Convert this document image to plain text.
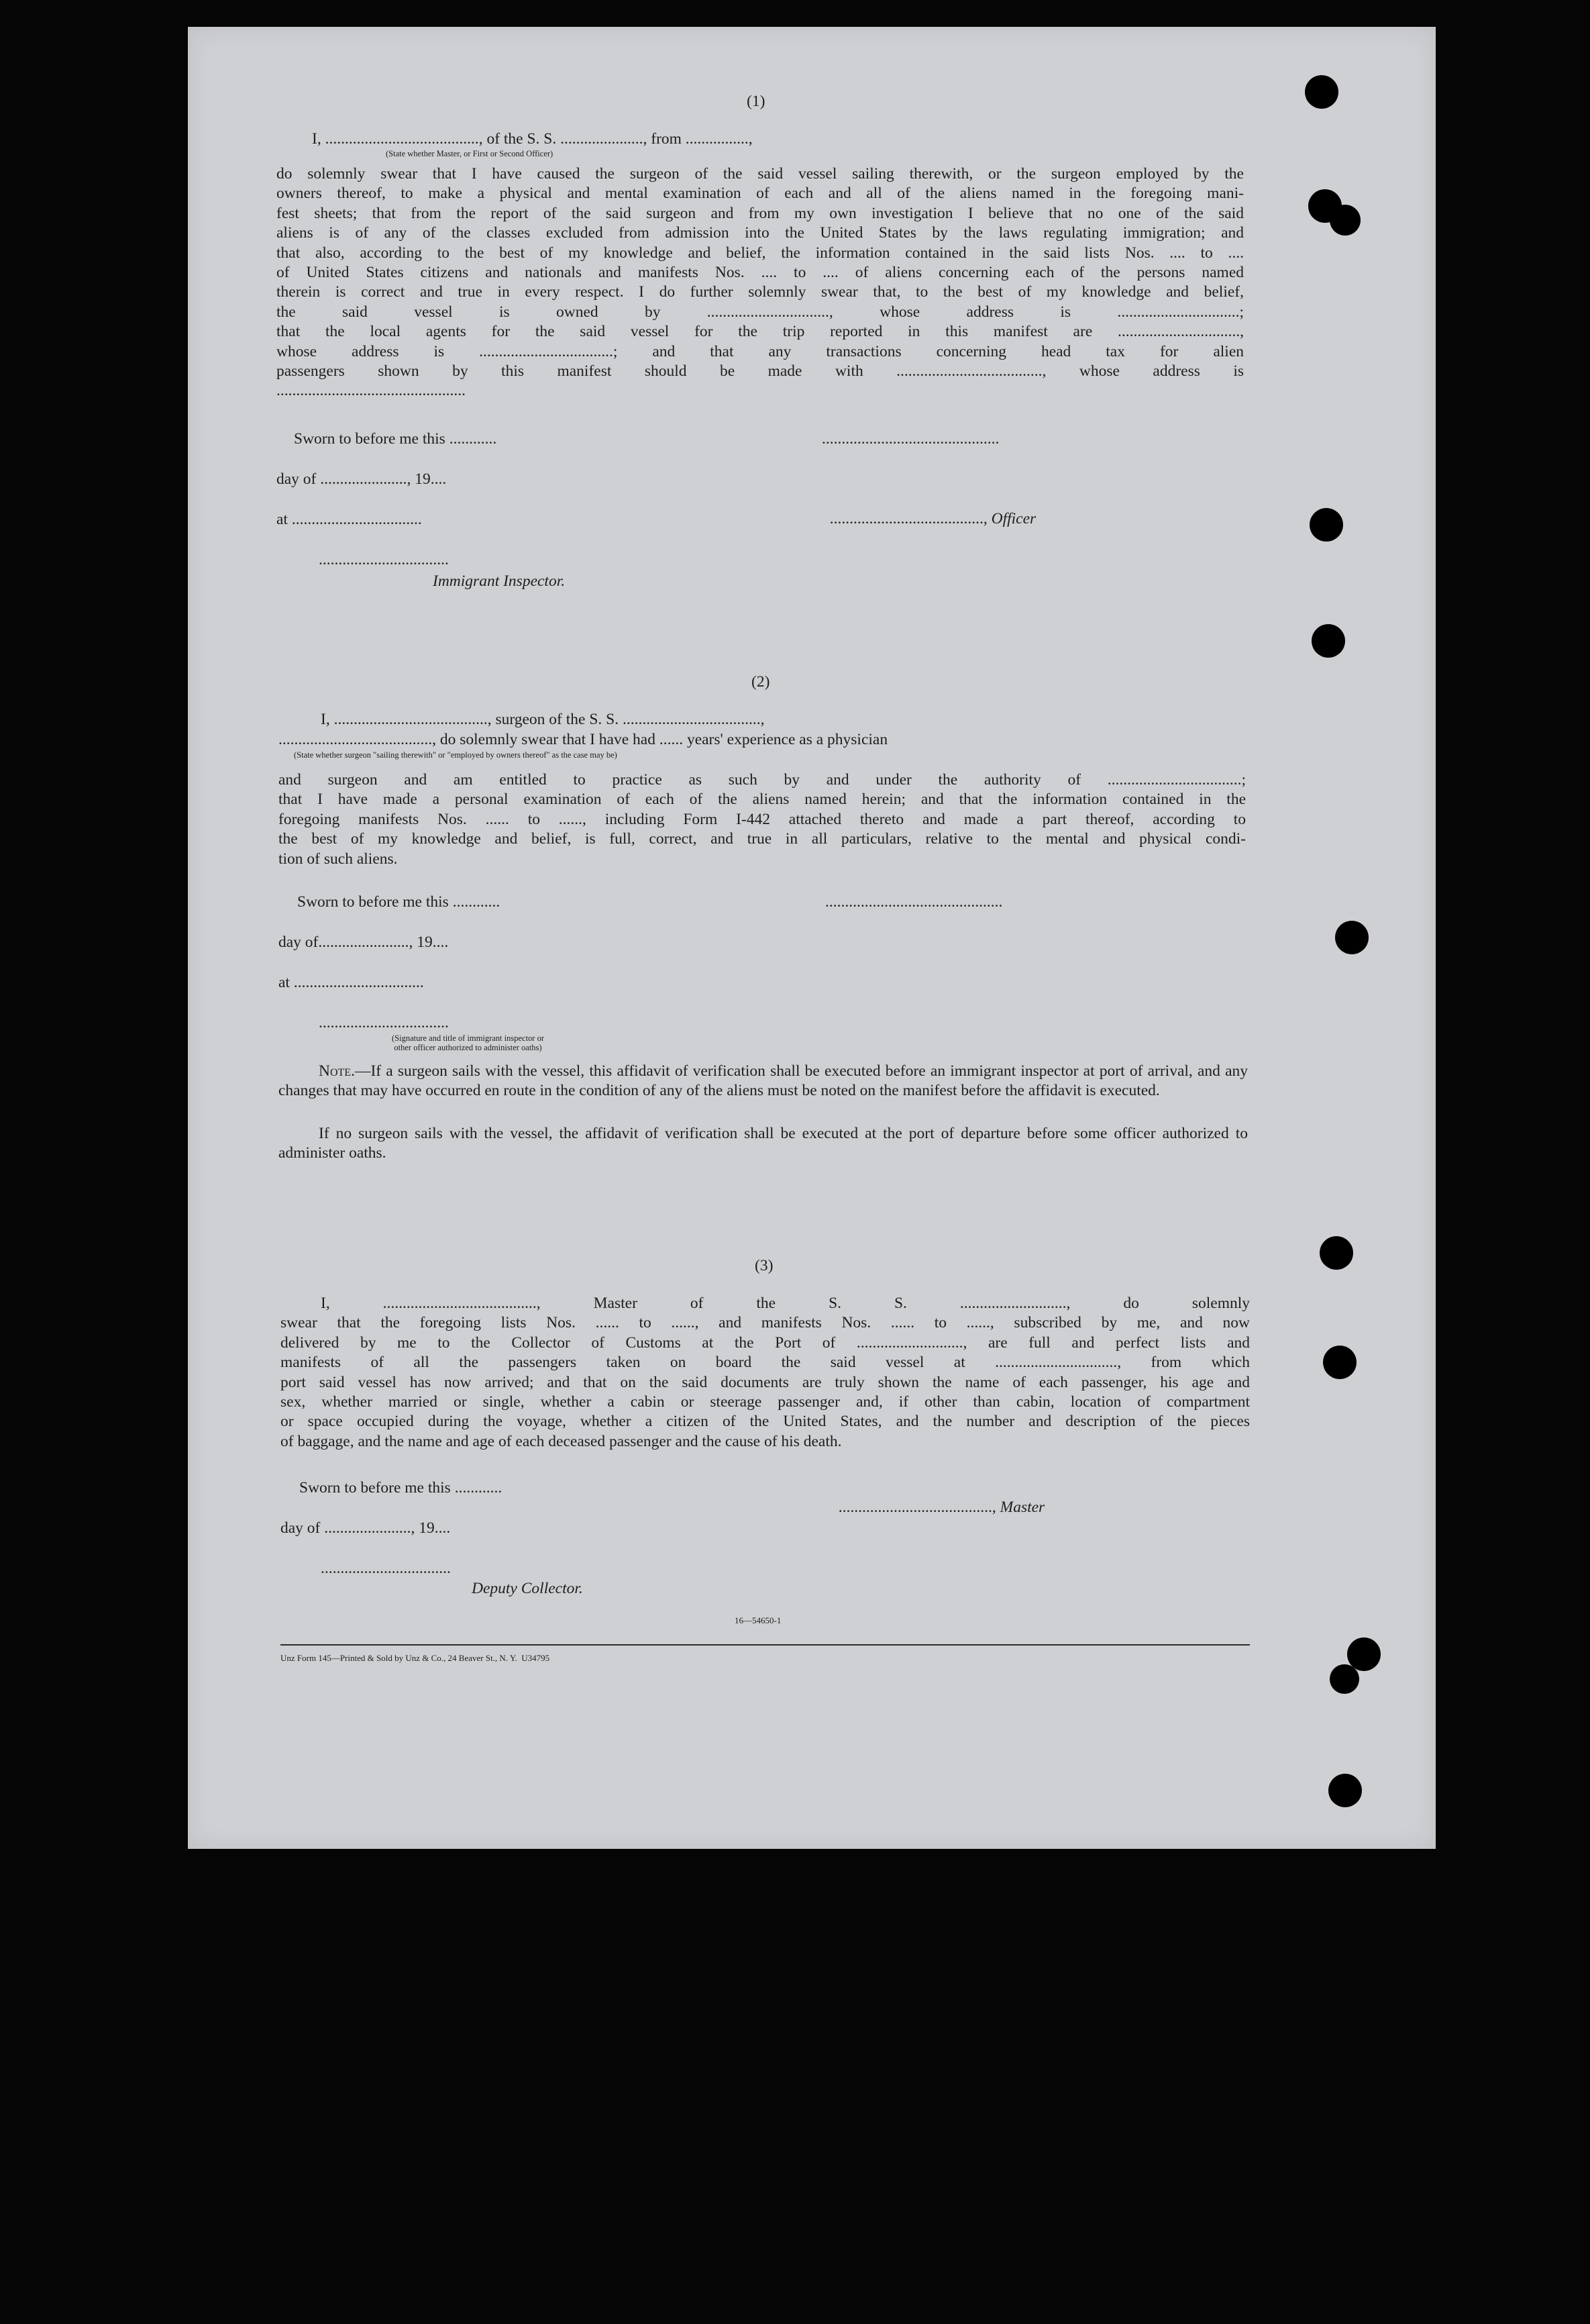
(1)
I, ......................................., of the S. S. ....................., from ................,
(State whether Master, or First or Second Officer)
do solemnly swear that I have caused the surgeon of the said vessel sailing therewith, or the surgeon employed by the
owners thereof, to make a physical and mental examination of each and all of the aliens named in the foregoing mani-
fest sheets; that from the report of the said surgeon and from my own investigation I believe that no one of the said
aliens is of any of the classes excluded from admission into the United States by the laws regulating immigration; and
that also, according to the best of my knowledge and belief, the information contained in the said lists Nos. .... to ....
of United States citizens and nationals and manifests Nos. .... to .... of aliens concerning each of the persons named
therein is correct and true in every respect. I do further solemnly swear that, to the best of my knowledge and belief,
the said vessel is owned by ..............................., whose address is ...............................;
that the local agents for the said vessel for the trip reported in this manifest are ...............................,
whose address is ..................................; and that any transactions concerning head tax for alien
passengers shown by this manifest should be made with ....................................., whose address is
................................................
Sworn to before me this ............	.............................................
day of ......................, 19....

......................................., Officer

at .................................
.................................
Immigrant Inspector.
(2)
I, ......................................., surgeon of the S. S. ...................................,
......................................., do solemnly swear that I have had ...... years' experience as a physician
(State whether surgeon "sailing therewith" or "employed by owners thereof" as the case may be)
and surgeon and am entitled to practice as such by and under the authority of ..................................;
that I have made a personal examination of each of the aliens named herein; and that the information contained in the
foregoing manifests Nos. ...... to ......, including Form I-442 attached thereto and made a part thereof, according to
the best of my knowledge and belief, is full, correct, and true in all particulars, relative to the mental and physical condi-
tion of such aliens.
Sworn to before me this ............	.............................................
day of......................., 19....
at .................................
.................................
(Signature and title of immigrant inspector or
other officer authorized to administer oaths)
Note.—If a surgeon sails with the vessel, this affidavit of verification shall be executed before an immigrant inspector at port of arrival, and any changes that may have occurred en route in the condition of any of the aliens must be noted on the manifest before the affidavit is executed.
If no surgeon sails with the vessel, the affidavit of verification shall be executed at the port of departure before some officer authorized to administer oaths.
(3)
I, ......................................., Master of the S. S. ..........................., do solemnly
swear that the foregoing lists Nos. ...... to ......, and manifests Nos. ...... to ......, subscribed by me, and now
delivered by me to the Collector of Customs at the Port of ..........................., are full and perfect lists and
manifests of all the passengers taken on board the said vessel at ..............................., from which
port said vessel has now arrived; and that on the said documents are truly shown the name of each passenger, his age and
sex, whether married or single, whether a cabin or steerage passenger and, if other than cabin, location of compartment
or space occupied during the voyage, whether a citizen of the United States, and the number and description of the pieces
of baggage, and the name and age of each deceased passenger and the cause of his death.
Sworn to before me this ............

......................................., Master

day of ......................, 19....
.................................
Deputy Collector.
16—54650-1
Unz Form 145—Printed & Sold by Unz & Co., 24 Beaver St., N. Y.  U34795
